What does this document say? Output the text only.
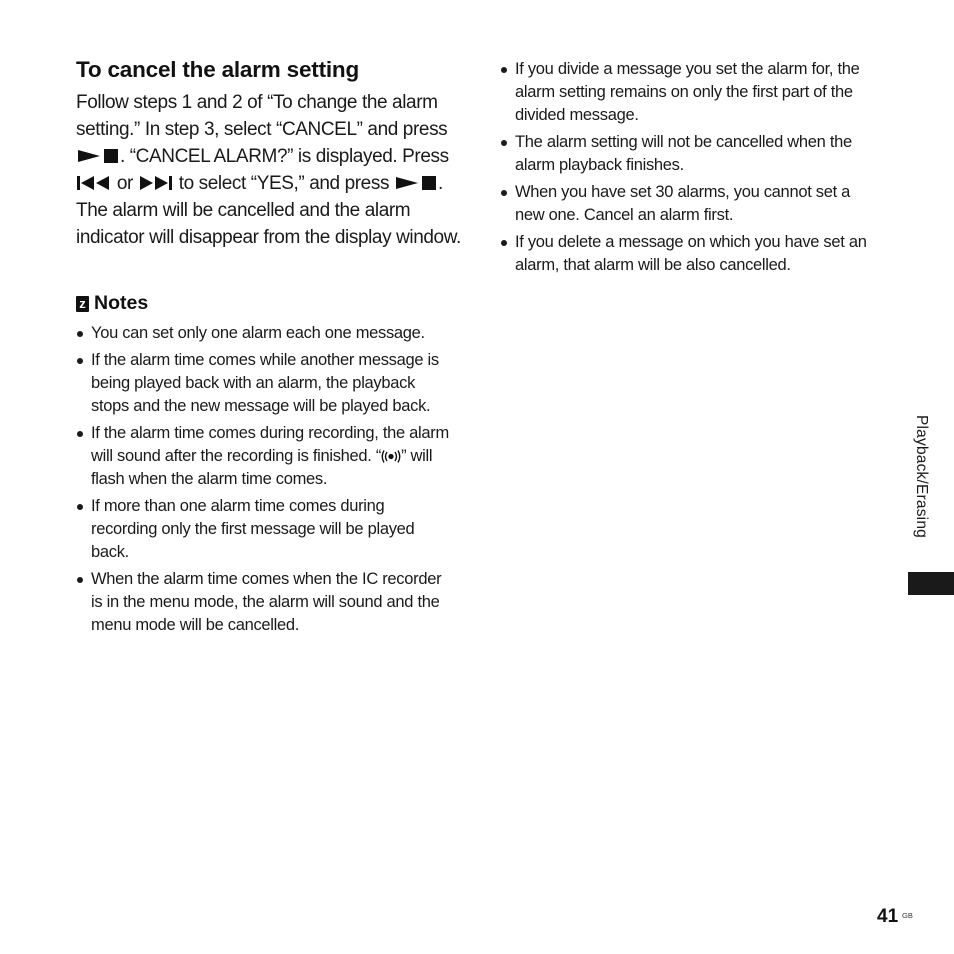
To cancel the alarm setting

Follow steps 1 and 2 of “To change the alarm setting.” In step 3, select “CANCEL” and press . “CANCEL ALARM?” is displayed. Press  or  to select “YES,” and press . The alarm will be cancelled and the alarm indicator will disappear from the display window.

z Notes
You can set only one alarm each one message.
If the alarm time comes while another message is being played back with an alarm, the playback stops and the new message will be played back.
If the alarm time comes during recording, the alarm will sound after the recording is finished. “ ” will flash when the alarm time comes.
If more than one alarm time comes during recording only the first message will be played back.
When the alarm time comes when the IC recorder is in the menu mode, the alarm will sound and the menu mode will be cancelled.
If you divide a message you set the alarm for, the alarm setting remains on only the first part of the divided message.
The alarm setting will not be cancelled when the alarm playback finishes.
When you have set 30 alarms, you cannot set a new one. Cancel an alarm first.
If you delete a message on which you have set an alarm, that alarm will be also cancelled.
Playback/Erasing
41 GB
